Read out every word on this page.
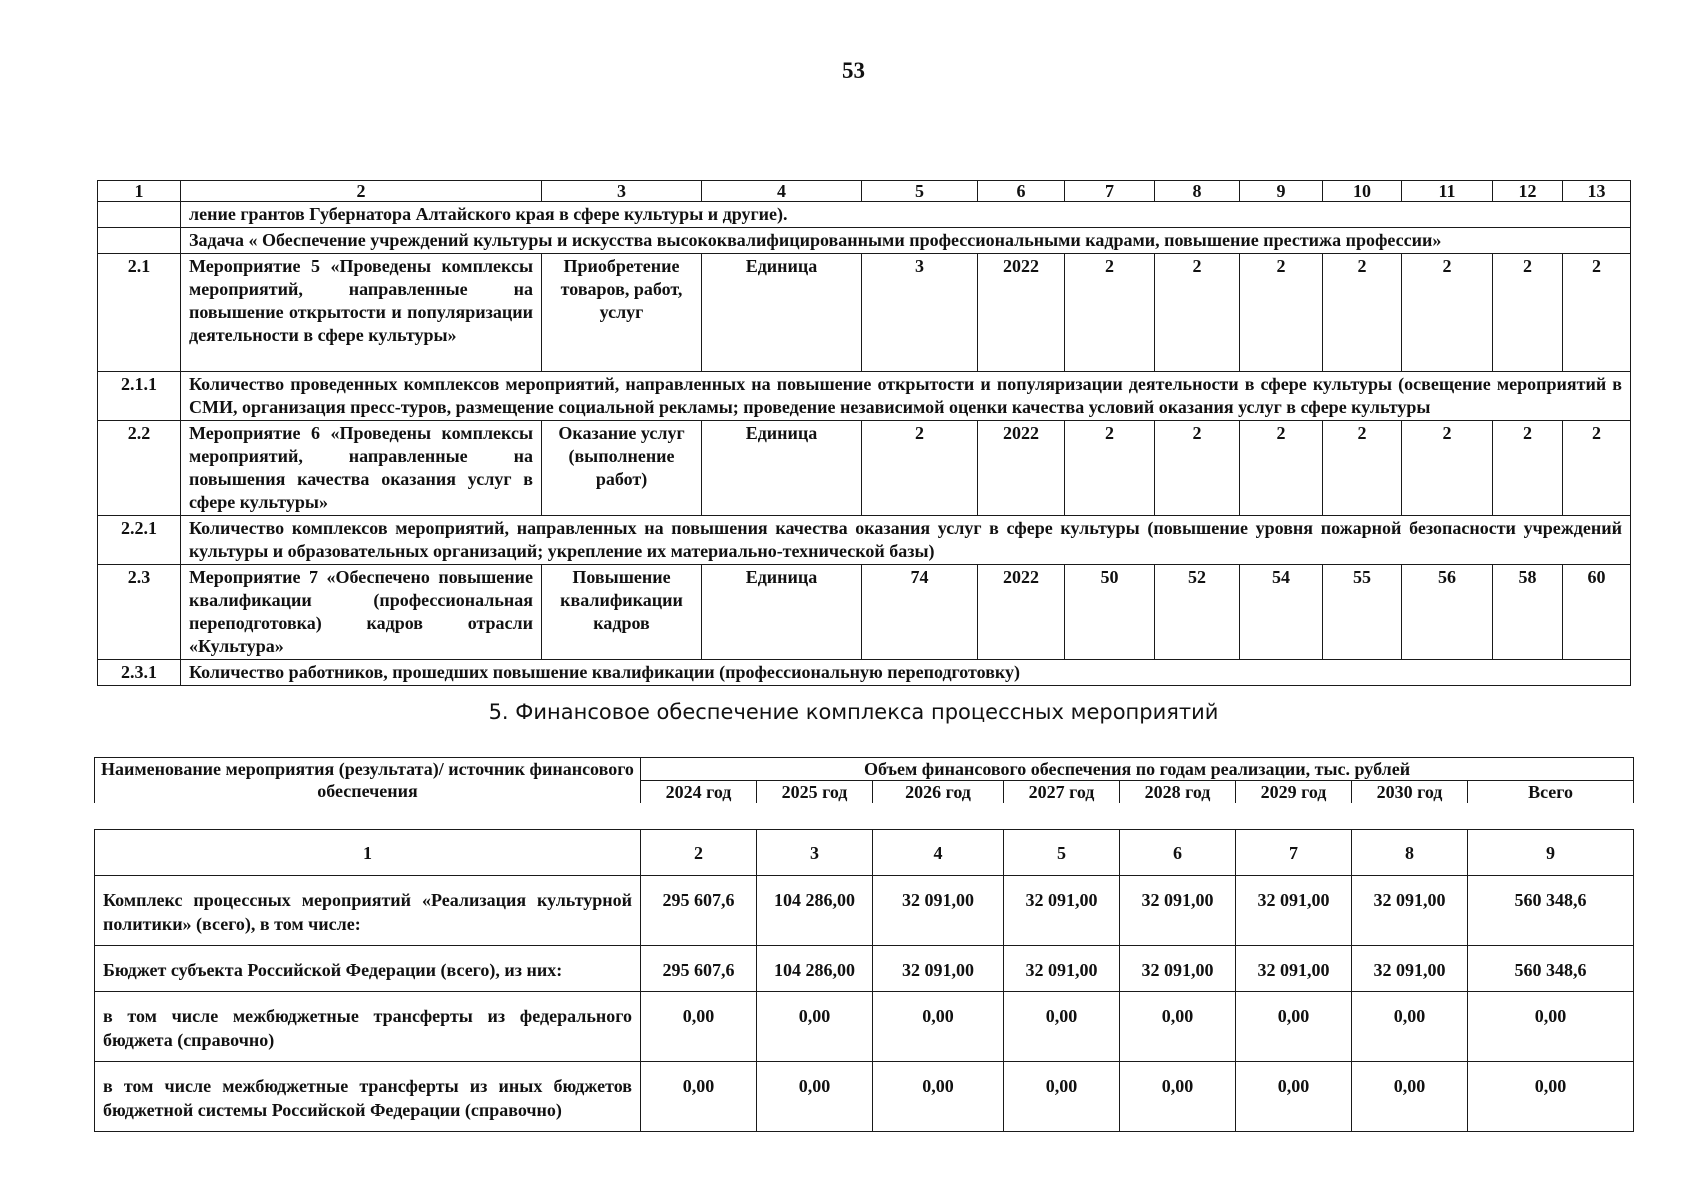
53
1	2	3	4	5	6	7	8	9	10	11	12	13
	ление грантов Губернатора Алтайского края в сфере культуры и другие).											
	Задача « Обеспечение учреждений культуры и искусства высококвалифицированными профессиональными кадрами, повышение престижа профессии»											
2.1	Мероприятие 5 «Проведены комплексы мероприятий, направленные на повышение открытости и популяризации деятельности в сфере культуры»	Приобретение товаров, работ, услуг	Единица	3	2022	2	2	2	2	2	2	2
2.1.1	Количество проведенных комплексов мероприятий, направленных на повышение открытости и популяризации деятельности в сфере культуры (освещение мероприятий в СМИ, организация пресс-туров, размещение социальной рекламы; проведение независимой оценки качества условий оказания услуг в сфере культуры											
2.2	Мероприятие 6 «Проведены комплексы мероприятий, направленные на повышения качества оказания услуг в сфере культуры»	Оказание услуг (выполнение работ)	Единица	2	2022	2	2	2	2	2	2	2
2.2.1	Количество комплексов мероприятий, направленных на повышения качества оказания услуг в сфере культуры (повышение уровня пожарной безопасности учреждений культуры и образовательных организаций; укрепление их материально-технической базы)											
2.3	Мероприятие 7 «Обеспечено повышение квалификации (профессиональная переподготовка) кадров отрасли «Культура»	Повышение квалификации кадров	Единица	74	2022	50	52	54	55	56	58	60
2.3.1	Количество работников, прошедших повышение квалификации (профессиональную переподготовку)											
5. Финансовое обеспечение комплекса процессных мероприятий
Наименование мероприятия (результата)/ источник финансового обеспечения	Объем финансового обеспечения по годам реализации, тыс. рублей							
	2024 год	2025 год	2026 год	2027 год	2028 год	2029 год	2030 год	Всего
1	2	3	4	5	6	7	8	9
Комплекс процессных мероприятий «Реализация культурной политики» (всего), в том числе:	295 607,6	104 286,00	32 091,00	32 091,00	32 091,00	32 091,00	32 091,00	560 348,6
Бюджет субъекта Российской Федерации (всего), из них:	295 607,6	104 286,00	32 091,00	32 091,00	32 091,00	32 091,00	32 091,00	560 348,6
в том числе межбюджетные трансферты из федерального бюджета (справочно)	0,00	0,00	0,00	0,00	0,00	0,00	0,00	0,00
в том числе межбюджетные трансферты из иных бюджетов бюджетной системы Российской Федерации (справочно)	0,00	0,00	0,00	0,00	0,00	0,00	0,00	0,00
